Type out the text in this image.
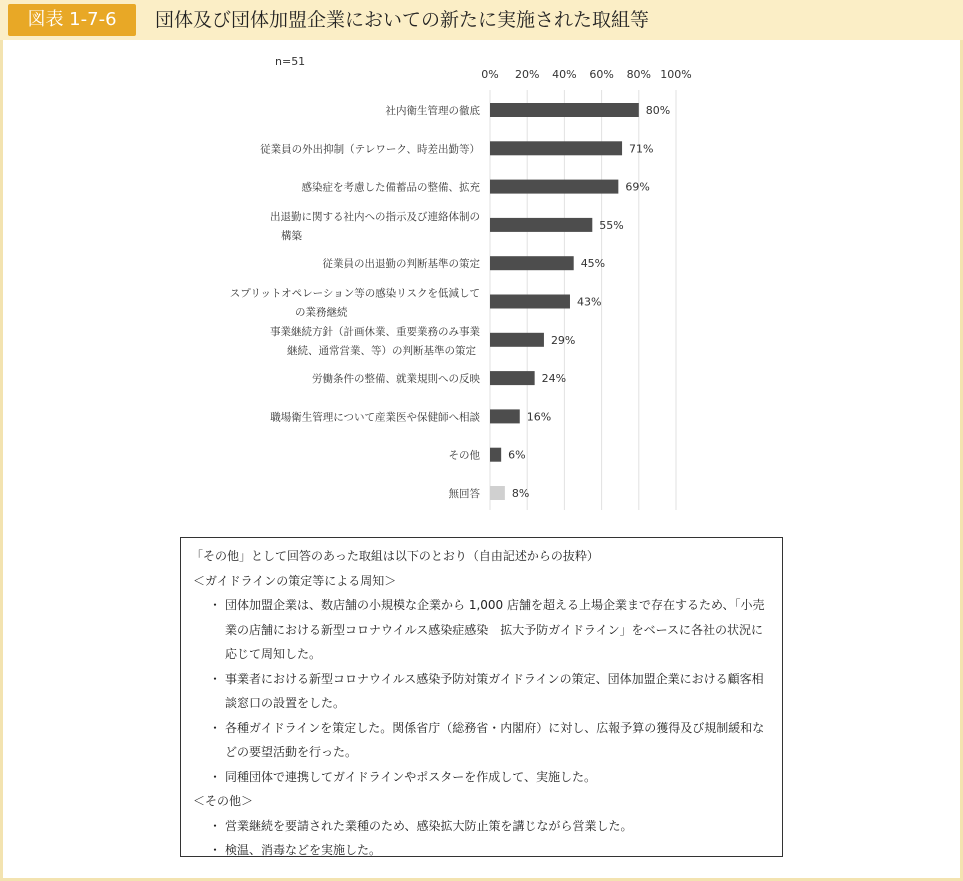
図表 1-7-6	団体及び団体加盟企業においての新たに実施された取組等
n=51
0% 20% 40% 60% 80% 100%
80%
社内衛生管理の徹底
71%
従業員の外出抑制（テレワーク、時差出勤等）
69%
感染症を考慮した備蓄品の整備、拡充
55%
出退勤に関する社内への指示及び連絡体制の
構築
45%
従業員の出退勤の判断基準の策定
43%
スプリットオペレーション等の感染リスクを低減して
の業務継続
29%
事業継続方針（計画休業、重要業務のみ事業
継続、通常営業、等）の判断基準の策定
24%
労働条件の整備、就業規則への反映
16%
職場衛生管理について産業医や保健師へ相談
6%
その他
8%
無回答
「その他」として回答のあった取組は以下のとおり（自由記述からの抜粋）
＜ガイドラインの策定等による周知＞
・ 団体加盟企業は、数店舗の小規模な企業から 1,000 店舗を超える上場企業まで存在するため、「小売業の店舗における新型コロナウイルス感染症感染　拡大予防ガイドライン」をベースに各社の状況に応じて周知した。
・ 事業者における新型コロナウイルス感染予防対策ガイドラインの策定、団体加盟企業における顧客相談窓口の設置をした。
・ 各種ガイドラインを策定した。関係省庁（総務省・内閣府）に対し、広報予算の獲得及び規制緩和などの要望活動を行った。
・ 同種団体で連携してガイドラインやポスターを作成して、実施した。
＜その他＞
・ 営業継続を要請された業種のため、感染拡大防止策を講じながら営業した。
・ 検温、消毒などを実施した。
